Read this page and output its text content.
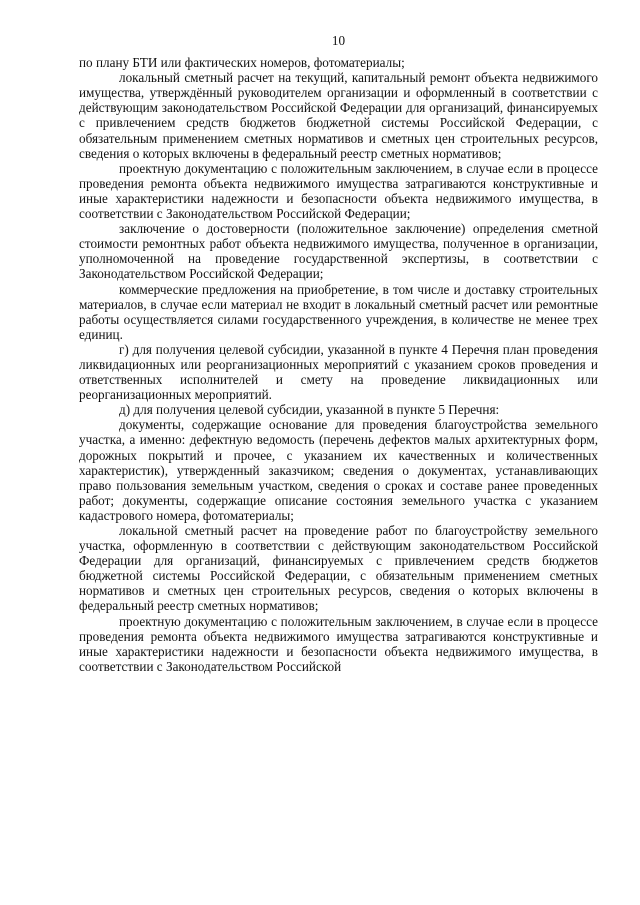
10

по плану БТИ или фактических номеров, фотоматериалы;

локальный сметный расчет на текущий, капитальный ремонт объекта недвижимого имущества, утверждённый руководителем организации и оформленный в соответствии с действующим законодательством Российской Федерации для организаций, финансируемых с привлечением средств бюджетов бюджетной системы Российской Федерации, с обязательным применением сметных нормативов и сметных цен строительных ресурсов, сведения о которых включены в федеральный реестр сметных нормативов;

проектную документацию с положительным заключением, в случае если в процессе проведения ремонта объекта недвижимого имущества затрагиваются конструктивные и иные характеристики надежности и безопасности объекта недвижимого имущества, в соответствии с Законодательством Российской Федерации;

заключение о достоверности (положительное заключение) определения сметной стоимости ремонтных работ объекта недвижимого имущества, полученное в организации, уполномоченной на проведение государственной экспертизы, в соответствии с Законодательством Российской Федерации;

коммерческие предложения на приобретение, в том числе и доставку строительных материалов, в случае если материал не входит в локальный сметный расчет или ремонтные работы осуществляется силами государственного учреждения, в количестве не менее трех единиц.

г) для получения целевой субсидии, указанной в пункте 4 Перечня план проведения ликвидационных или реорганизационных мероприятий с указанием сроков проведения и ответственных исполнителей и смету на проведение ликвидационных или реорганизационных мероприятий.

д) для получения целевой субсидии, указанной в пункте 5 Перечня:

документы, содержащие основание для проведения благоустройства земельного участка, а именно: дефектную ведомость (перечень дефектов малых архитектурных форм, дорожных покрытий и прочее, с указанием их качественных и количественных характеристик), утвержденный заказчиком; сведения о документах, устанавливающих право пользования земельным участком, сведения о сроках и составе ранее проведенных работ; документы, содержащие описание состояния земельного участка с указанием кадастрового номера, фотоматериалы;

локальной сметный расчет на проведение работ по благоустройству земельного участка, оформленную в соответствии с действующим законодательством Российской Федерации для организаций, финансируемых с привлечением средств бюджетов бюджетной системы Российской Федерации, с обязательным применением сметных нормативов и сметных цен строительных ресурсов, сведения о которых включены в федеральный реестр сметных нормативов;

проектную документацию с положительным заключением, в случае если в процессе проведения ремонта объекта недвижимого имущества затрагиваются конструктивные и иные характеристики надежности и безопасности объекта недвижимого имущества, в соответствии с Законодательством Российской
